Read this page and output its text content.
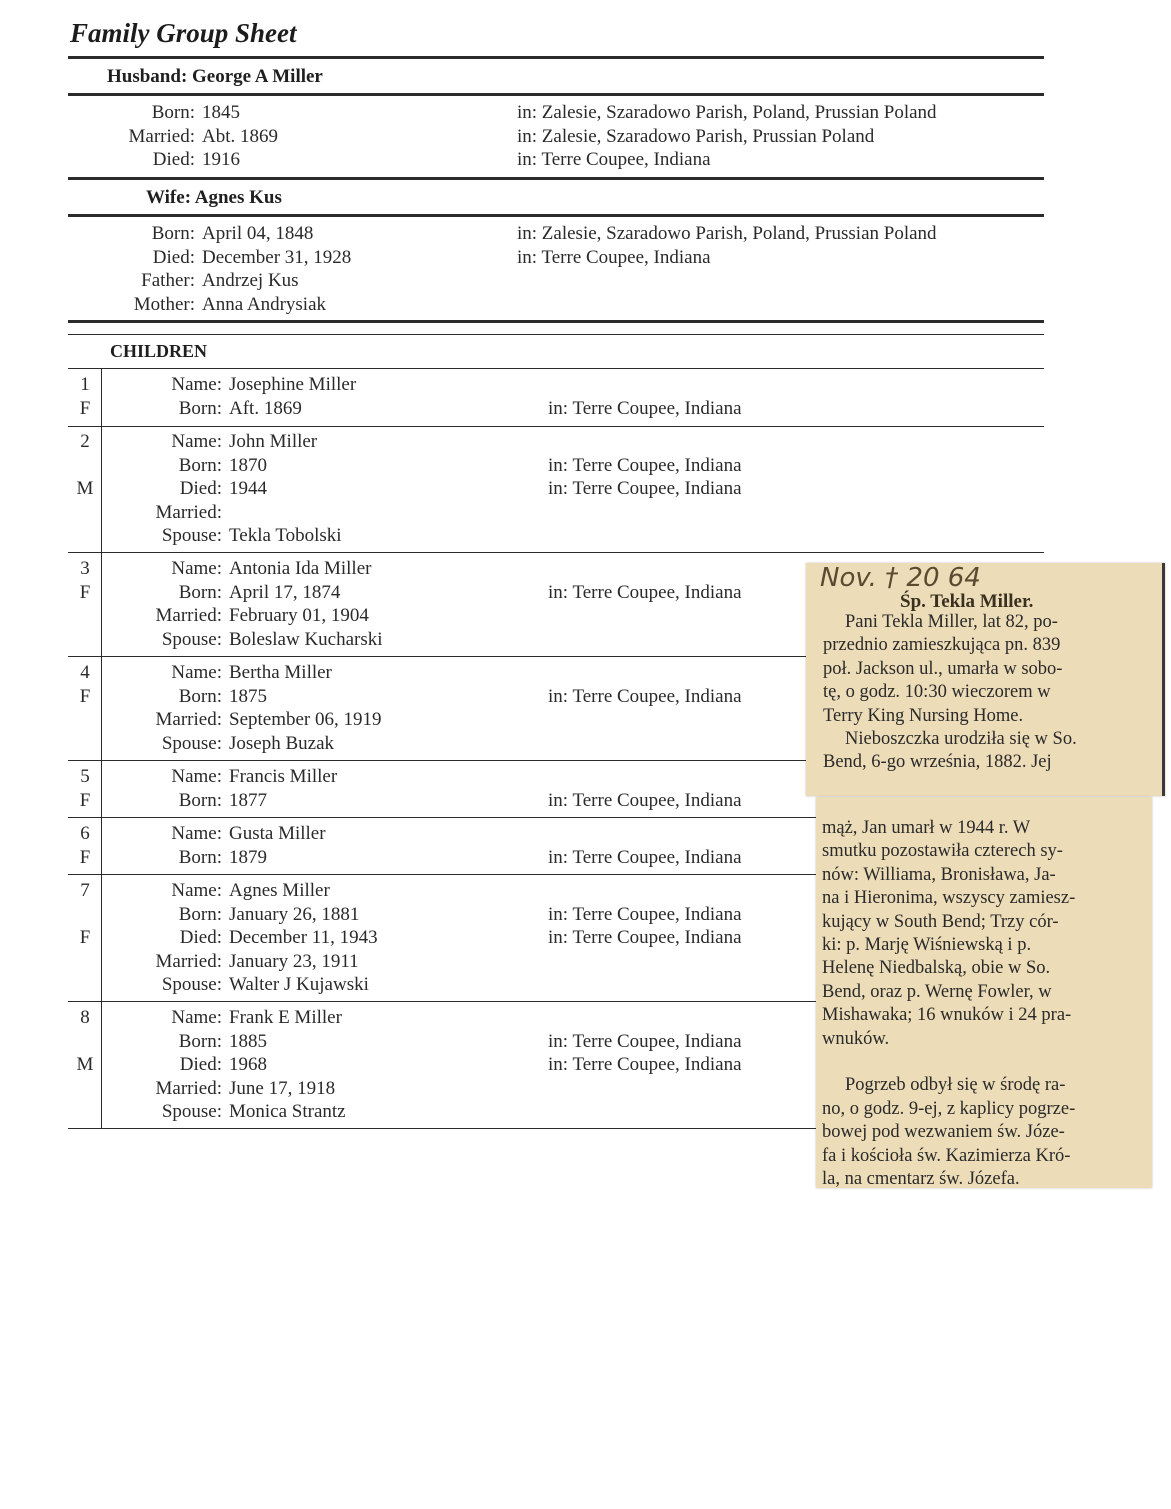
Family Group Sheet
Husband: George A Miller
Born: 1845	in: Zalesie, Szaradowo Parish, Poland, Prussian Poland
Married: Abt. 1869	in: Zalesie, Szaradowo Parish, Prussian Poland
Died: 1916	in: Terre Coupee, Indiana
Wife: Agnes Kus
Born: April 04, 1848	in: Zalesie, Szaradowo Parish, Poland, Prussian Poland
Died: December 31, 1928	in: Terre Coupee, Indiana
Father: Andrzej Kus
Mother: Anna Andrysiak
CHILDREN
1
F
Name: Josephine Miller
Born: Aft. 1869	in: Terre Coupee, Indiana
2
M
Name: John Miller
Born: 1870	in: Terre Coupee, Indiana
Died: 1944	in: Terre Coupee, Indiana
Married:
Spouse: Tekla Tobolski
3
F
Name: Antonia Ida Miller
Born: April 17, 1874	in: Terre Coupee, Indiana
Married: February 01, 1904
Spouse: Boleslaw Kucharski
4
F
Name: Bertha Miller
Born: 1875	in: Terre Coupee, Indiana
Married: September 06, 1919
Spouse: Joseph Buzak
5
F
Name: Francis Miller
Born: 1877	in: Terre Coupee, Indiana
6
F
Name: Gusta Miller
Born: 1879	in: Terre Coupee, Indiana
7
F
Name: Agnes Miller
Born: January 26, 1881	in: Terre Coupee, Indiana
Died: December 11, 1943	in: Terre Coupee, Indiana
Married: January 23, 1911
Spouse: Walter J Kujawski
8
M
Name: Frank E Miller
Born: 1885	in: Terre Coupee, Indiana
Died: 1968	in: Terre Coupee, Indiana
Married: June 17, 1918
Spouse: Monica Strantz
Nov. † 20 64
Śp. Tekla Miller.
Pani Tekla Miller, lat 82, po-
przednio zamieszkująca pn. 839
poł. Jackson ul., umarła w sobo-
tę, o godz. 10:30 wieczorem w
Terry King Nursing Home.
Nieboszczka urodziła się w So.
Bend, 6-go września, 1882. Jej
mąż, Jan umarł w 1944 r. W
smutku pozostawiła czterech sy-
nów: Williama, Bronisława, Ja-
na i Hieronima, wszyscy zamiesz-
kujący w South Bend; Trzy cór-
ki: p. Marję Wiśniewską i p.
Helenę Niedbalską, obie w So.
Bend, oraz p. Wernę Fowler, w
Mishawaka; 16 wnuków i 24 pra-
wnuków.
Pogrzeb odbył się w środę ra-
no, o godz. 9-ej, z kaplicy pogrze-
bowej pod wezwaniem św. Józe-
fa i kościoła św. Kazimierza Kró-
la, na cmentarz św. Józefa.
